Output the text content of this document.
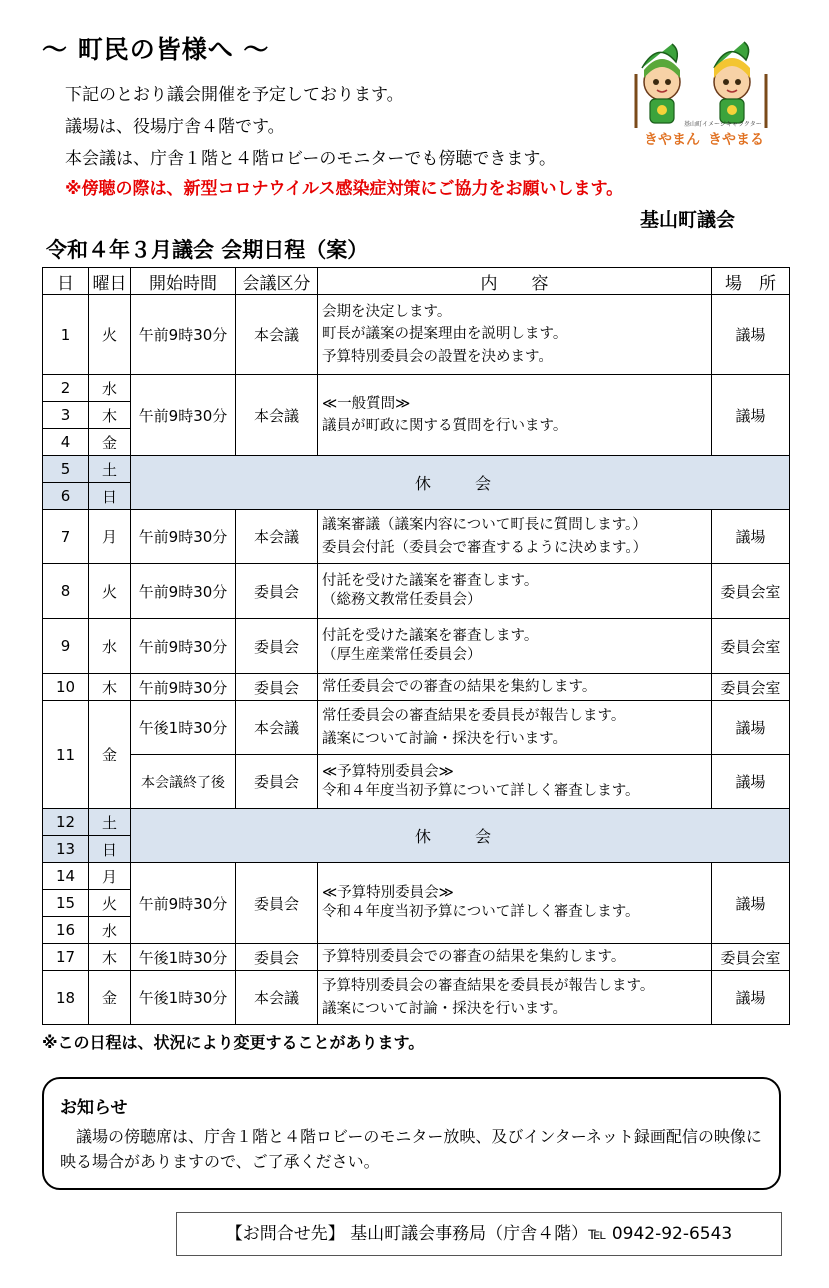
～ 町民の皆様へ ～
下記のとおり議会開催を予定しております。
議場は、役場庁舎４階です。
本会議は、庁舎１階と４階ロビーのモニターでも傍聴できます。
※傍聴の際は、新型コロナウイルス感染症対策にご協力をお願いします。
基山町議会
基山町イメージキャラクター
きやまん きやまる
令和４年３月議会 会期日程（案）
日	曜日	開始時間	会議区分	内　　容	場　所
1	火	午前9時30分	本会議	会期を決定します。
町長が議案の提案理由を説明します。
予算特別委員会の設置を決めます。	議場
2	水	午前9時30分	本会議	≪一般質問≫
議員が町政に関する質問を行います。	議場
3	木				
4	金				
5	土	休　会			
6	日				
7	月	午前9時30分	本会議	議案審議（議案内容について町長に質問します。）
委員会付託（委員会で審査するように決めます。）	議場
8	火	午前9時30分	委員会	付託を受けた議案を審査します。
（総務文教常任委員会）	委員会室
9	水	午前9時30分	委員会	付託を受けた議案を審査します。
（厚生産業常任委員会）	委員会室
10	木	午前9時30分	委員会	常任委員会での審査の結果を集約します。	委員会室
11	金	午後1時30分	本会議	常任委員会の審査結果を委員長が報告します。
議案について討論・採決を行います。	議場
		本会議終了後	委員会	≪予算特別委員会≫
令和４年度当初予算について詳しく審査します。	議場
12	土	休　会			
13	日				
14	月	午前9時30分	委員会	≪予算特別委員会≫
令和４年度当初予算について詳しく審査します。	議場
15	火				
16	水				
17	木	午後1時30分	委員会	予算特別委員会での審査の結果を集約します。	委員会室
18	金	午後1時30分	本会議	予算特別委員会の審査結果を委員長が報告します。
議案について討論・採決を行います。	議場
※この日程は、状況により変更することがあります。
お知らせ
議場の傍聴席は、庁舎１階と４階ロビーのモニター放映、及びインターネット録画配信の映像に映る場合がありますので、ご了承ください。
【お問合せ先】 基山町議会事務局（庁舎４階）℡ 0942-92-6543
